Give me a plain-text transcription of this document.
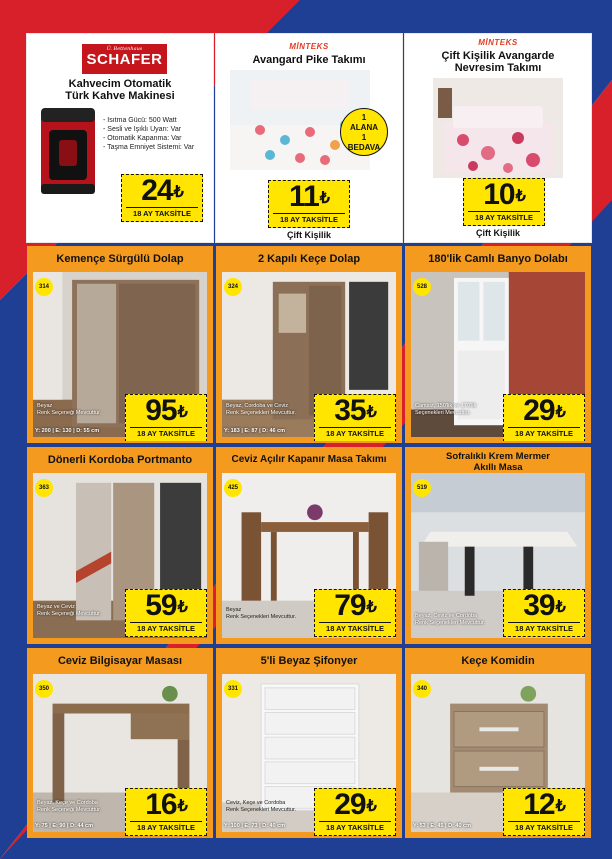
Ü. Bettenhaus
SCHAFER
Kahvecim Otomatik
Türk Kahve Makinesi
- Isıtma Gücü: 500 Watt
- Sesli ve Işıklı Uyarı: Var
- Otomatik Kapanma: Var
- Taşma Emniyet Sistemi: Var
24₺
18 AY TAKSİTLE
MİNTEKS
Avangard Pike Takımı
1
ALANA
1
BEDAVA
11₺
18 AY TAKSİTLE
Çift Kişilik
MİNTEKS
Çift Kişilik Avangarde
Nevresim Takımı
10₺
18 AY TAKSİTLE
Çift Kişilik
Kemençe Sürgülü Dolap
314
Beyaz
Renk Seçeneği Mevcuttur.
Y: 200 | E: 130 | D: 55 cm
95₺
18 AY TAKSİTLE
2 Kapılı Keçe Dolap
324
Beyaz, Cordoba ve Ceviz
Renk Seçenekleri Mevcuttur.
Y: 183 | E: 87 | D: 46 cm
35₺
18 AY TAKSİTLE
180'lik Camlı Banyo Dolabı
528
Camsız, 150'lik ve 170'lik
Seçenekleri Mevcuttur.	29₺
18 AY TAKSİTLE
Dönerli Kordoba Portmanto
363
Beyaz ve Ceviz
Renk Seçeneği Mevcuttur.	59₺
18 AY TAKSİTLE
Ceviz Açılır Kapanır Masa Takımı
425
Beyaz
Renk Seçenekleri Mevcuttur.	79₺
18 AY TAKSİTLE
Sofralıklı Krem Mermer
Akıllı Masa
519
Beyaz, Ceviz ve Cordoba
Renk Seçenekleri Mevcuttur.
39₺
18 AY TAKSİTLE
Ceviz Bilgisayar Masası
350
Beyaz, Keçe ve Cordoba
Renk Seçeneği Mevcuttur.
Y: 75 | E: 90 | D: 44 cm
16₺
18 AY TAKSİTLE
5'li Beyaz Şifonyer
331
Ceviz, Keçe ve Cordoba
Renk Seçenekleri Mevcuttur.
Y: 100 | E: 73 | D: 40 cm
29₺
18 AY TAKSİTLE
Keçe Komidin
340
Y: 53 | E: 45 | D: 40 cm
12₺
18 AY TAKSİTLE
